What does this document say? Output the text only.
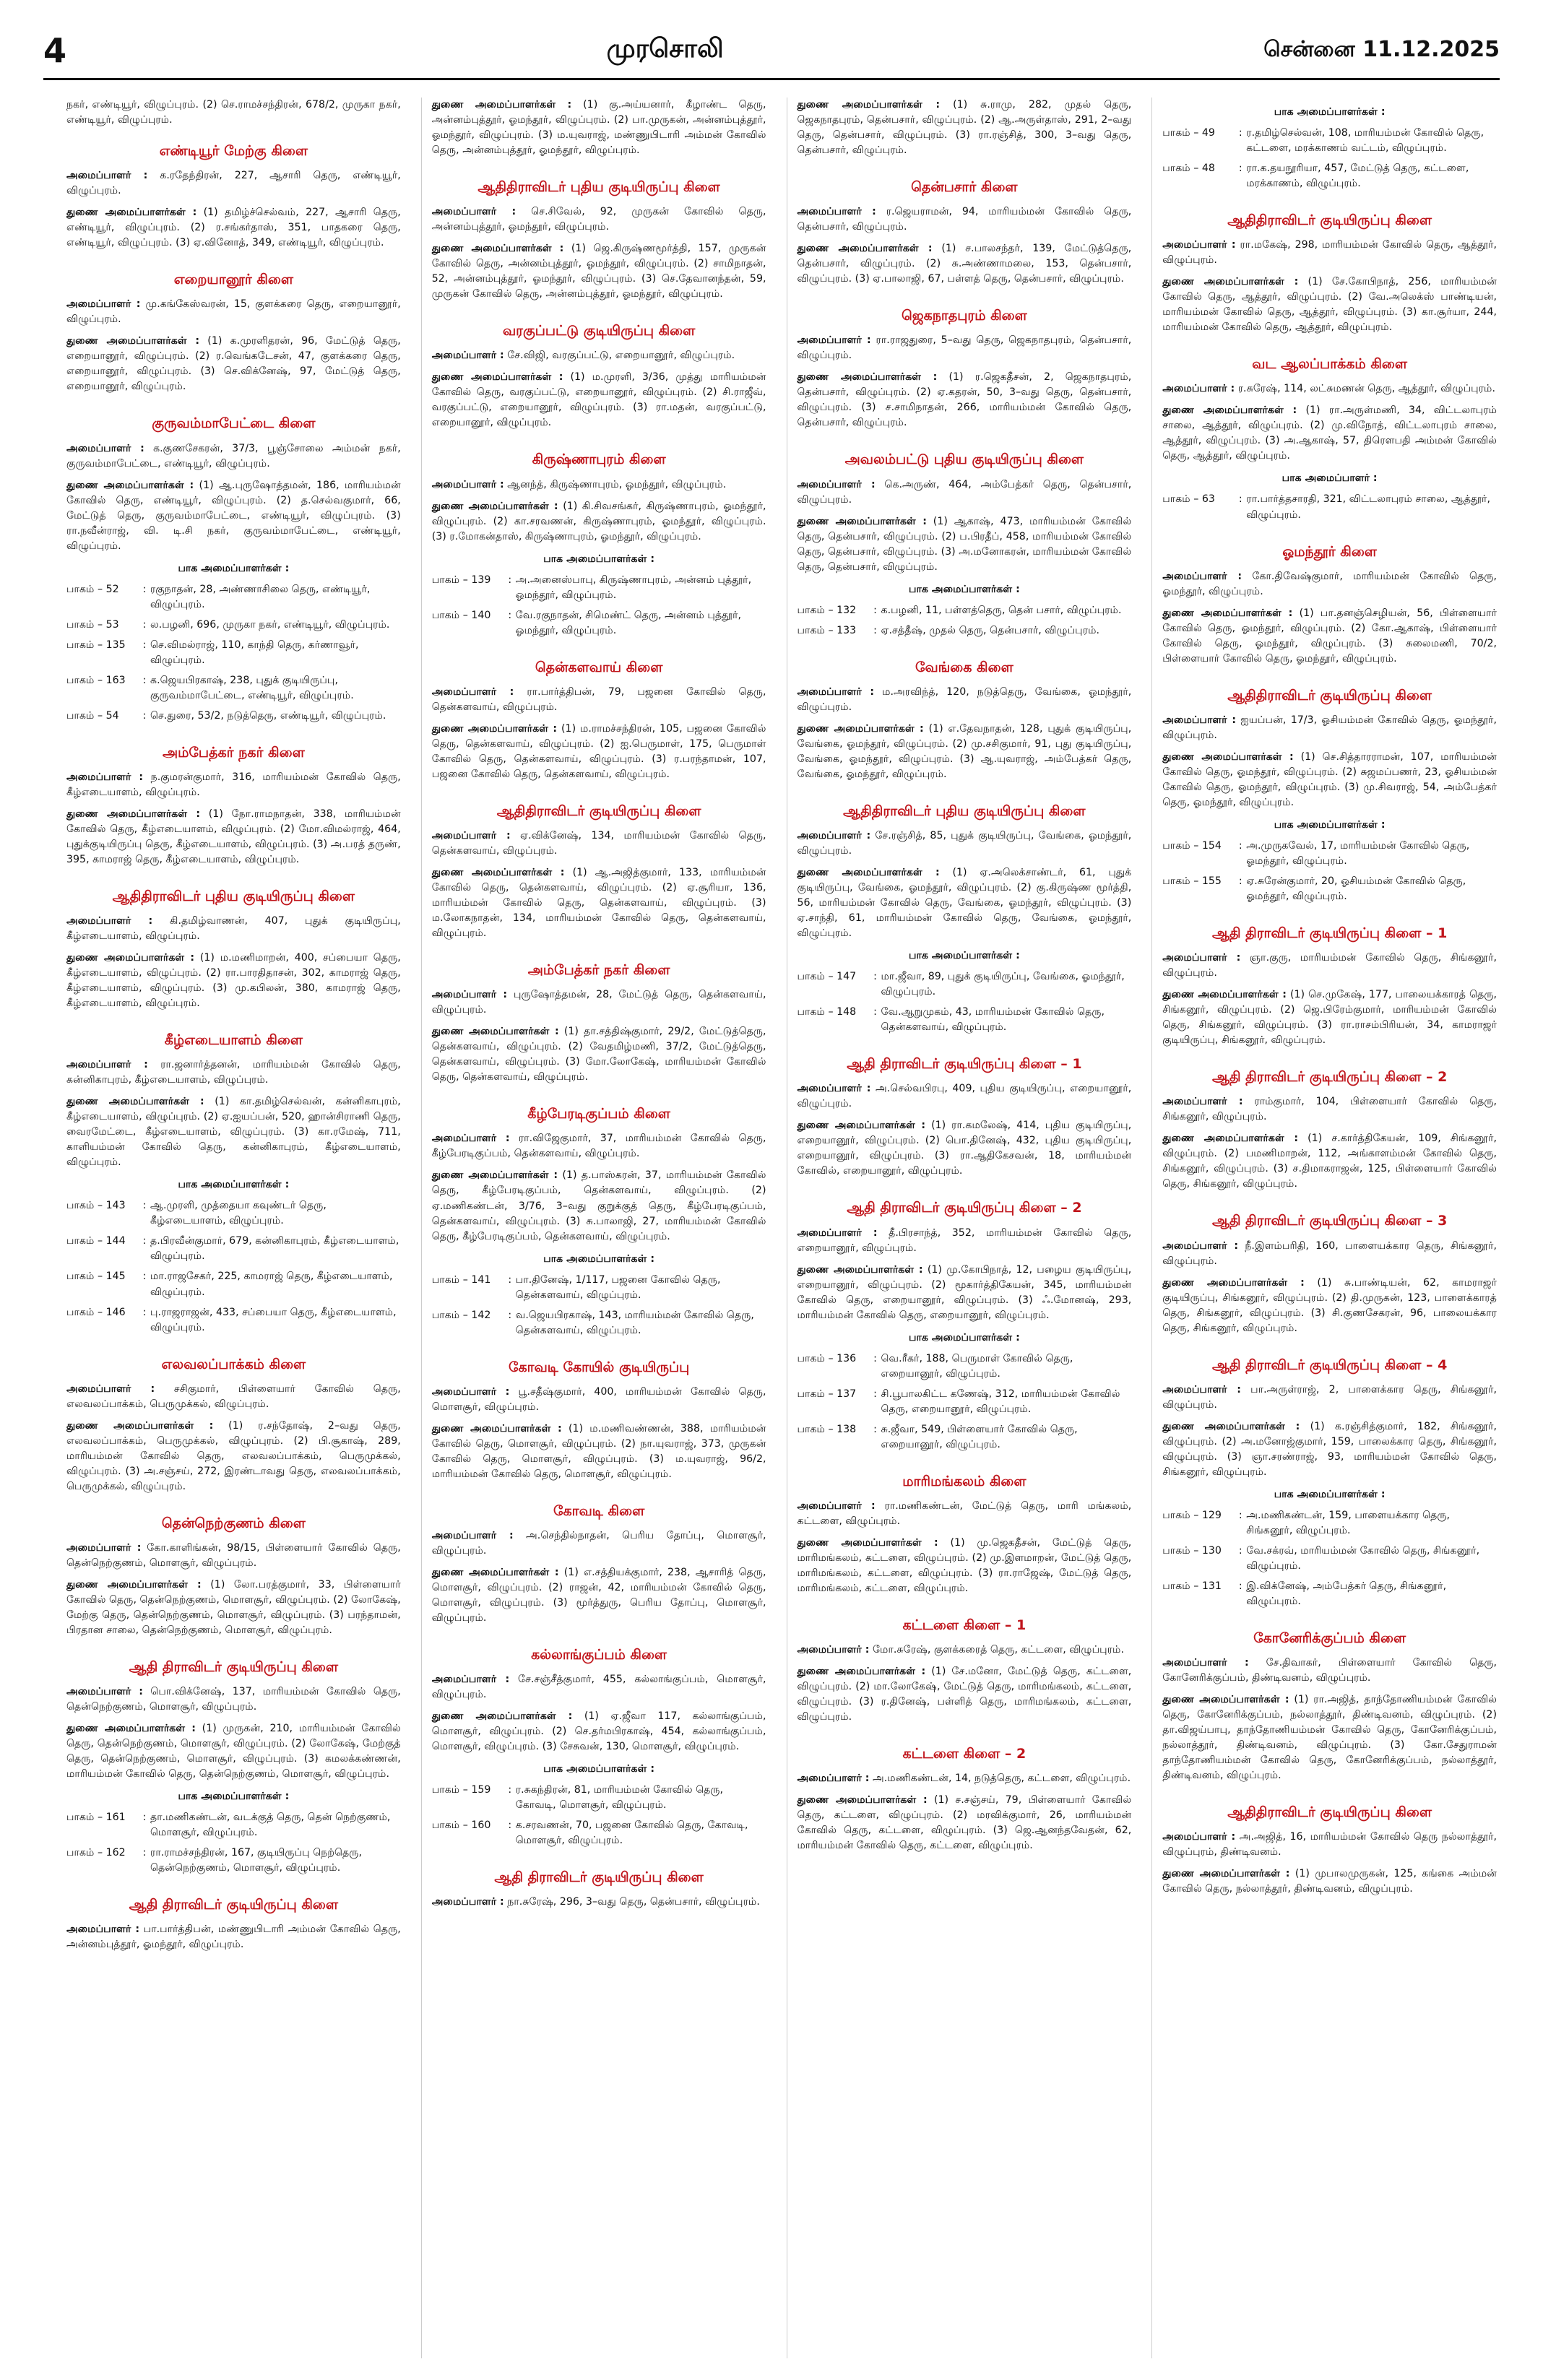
4	முரசொலி	சென்னை 11.12.2025

நகர், எண்டியூர், விழுப்புரம். (2) செ.ராமச்சந்திரன், 678/2, முருகா நகர், எண்டியூர், விழுப்புரம்.

எண்டியூர் மேற்கு கிளை

அமைப்பாளர் : க.ரதேந்திரன், 227, ஆசாரி தெரு, எண்டியூர், விழுப்புரம்.

துணை அமைப்பாளர்கள் : (1) தமிழ்ச்செல்வம், 227, ஆசாரி தெரு, எண்டியூர், விழுப்புரம். (2) ர.சங்கர்தாஸ், 351, பாதகரை தெரு, எண்டியூர், விழுப்புரம். (3) ஏ.வினோத், 349, எண்டியூர், விழுப்புரம்.

எறையானூர் கிளை

அமைப்பாளர் : மு.கங்கேஸ்வரன், 15, குளக்கரை தெரு, எறையானூர், விழுப்புரம்.

துணை அமைப்பாளர்கள் : (1) க.முரளிதரன், 96, மேட்டுத் தெரு, எறையானூர், விழுப்புரம். (2) ர.வெங்கடேசன், 47, குளக்கரை தெரு, எறையானூர், விழுப்புரம். (3) செ.விக்னேஷ், 97, மேட்டுத் தெரு, எறையானூர், விழுப்புரம்.

குருவம்மாபேட்டை கிளை

அமைப்பாளர் : க.குணசேகரன், 37/3, பூஞ்சோலை அம்மன் நகர், குருவம்மாபேட்டை, எண்டியூர், விழுப்புரம்.

துணை அமைப்பாளர்கள் : (1) ஆ.புருஷோத்தமன், 186, மாரியம்மன் கோவில் தெரு, எண்டியூர், விழுப்புரம். (2) த.செல்வகுமார், 66, மேட்டுத் தெரு, குருவம்மாபேட்டை, எண்டியூர், விழுப்புரம். (3) ரா.நவீன்ராஜ், வி. டி.சி நகர், குருவம்மாபேட்டை, எண்டியூர், விழுப்புரம்.

பாக அமைப்பாளர்கள் :
பாகம் – 52	: ரகுநாதன், 28, அண்ணாசிலை தெரு, எண்டியூர், விழுப்புரம்.
பாகம் – 53	: ல.பழனி, 696, முருகா நகர், எண்டியூர், விழுப்புரம்.
பாகம் – 135	: செ.விமல்ராஜ், 110, காந்தி தெரு, கர்ணாவூர், விழுப்புரம்.
பாகம் – 163	: க.ஜெயபிரகாஷ், 238, புதுக் குடியிருப்பு, குருவம்மாபேட்டை, எண்டியூர், விழுப்புரம்.
பாகம் – 54	: செ.துரை, 53/2, நடுத்தெரு, எண்டியூர், விழுப்புரம்.
அம்பேத்கர் நகர் கிளை

அமைப்பாளர் : ந.குமரன்குமார், 316, மாரியம்மன் கோவில் தெரு, கீழ்எடையாளம், விழுப்புரம்.

துணை அமைப்பாளர்கள் : (1) நோ.ராமநாதன், 338, மாரியம்மன் கோவில் தெரு, கீழ்எடையாளம், விழுப்புரம். (2) மோ.விமல்ராஜ், 464, புதுக்குடியிருப்பு தெரு, கீழ்எடையாளம், விழுப்புரம். (3) அ.பரத் தருண், 395, காமராஜ் தெரு, கீழ்எடையாளம், விழுப்புரம்.

ஆதிதிராவிடர் புதிய குடியிருப்பு கிளை

அமைப்பாளர் : கி.தமிழ்வாணன், 407, புதுக் குடியிருப்பு, கீழ்எடையாளம், விழுப்புரம்.

துணை அமைப்பாளர்கள் : (1) ம.மணிமாறன், 400, சப்பையா தெரு, கீழ்எடையாளம், விழுப்புரம். (2) ரா.பாரதிதாசன், 302, காமராஜ் தெரு, கீழ்எடையாளம், விழுப்புரம். (3) மு.கபிலன், 380, காமராஜ் தெரு, கீழ்எடையாளம், விழுப்புரம்.

கீழ்எடையாளம் கிளை

அமைப்பாளர் : ரா.ஜனார்த்தனன், மாரியம்மன் கோவில் தெரு, கன்னிகாபுரம், கீழ்எடையாளம், விழுப்புரம்.

துணை அமைப்பாளர்கள் : (1) கா.தமிழ்செல்வன், கன்னிகாபுரம், கீழ்எடையாளம், விழுப்புரம். (2) ஏ.ஐயப்பன், 520, ஹான்சிராணி தெரு, வைரமேட்டை, கீழ்எடையாளம், விழுப்புரம். (3) கா.ரமேஷ், 711, காளியம்மன் கோவில் தெரு, கன்னிகாபுரம், கீழ்எடையாளம், விழுப்புரம்.

பாக அமைப்பாளர்கள் :
பாகம் – 143	: ஆ.முரளி, முத்தையா கவுண்டர் தெரு, கீழ்எடையாளம், விழுப்புரம்.
பாகம் – 144	: த.பிரவீன்குமார், 679, கன்னிகாபுரம், கீழ்எடையாளம், விழுப்புரம்.
பாகம் – 145	: மா.ராஜசேகர், 225, காமராஜ் தெரு, கீழ்எடையாளம், விழுப்புரம்.
பாகம் – 146	: பு.ராஜராஜன், 433, சப்பையா தெரு, கீழ்எடையாளம், விழுப்புரம்.
எலவலப்பாக்கம் கிளை

அமைப்பாளர் : சசிகுமார், பிள்ளையார் கோவில் தெரு, எலவலப்பாக்கம், பெருமுக்கல், விழுப்புரம்.

துணை அமைப்பாளர்கள் : (1) ர.சந்தோஷ், 2–வது தெரு, எலவலப்பாக்கம், பெருமுக்கல், விழுப்புரம். (2) பி.சூகாஷ், 289, மாரியம்மன் கோவில் தெரு, எலவலப்பாக்கம், பெருமுக்கல், விழுப்புரம். (3) அ.சஞ்சய், 272, இரண்டாவது தெரு, எலவலப்பாக்கம், பெருமுக்கல், விழுப்புரம்.

தென்நெற்குணம் கிளை

அமைப்பாளர் : கோ.காளிங்கன், 98/15, பிள்ளையார் கோவில் தெரு, தென்நெற்குணம், மொளசூர், விழுப்புரம்.

துணை அமைப்பாளர்கள் : (1) லோ.பரத்குமார், 33, பிள்ளையார் கோவில் தெரு, தென்நெற்குணம், மொளசூர், விழுப்புரம். (2) லோகேஷ், மேற்கு தெரு, தென்நெற்குணம், மொளசூர், விழுப்புரம். (3) பரந்தாமன், பிரதான சாலை, தென்நெற்குணம், மொளசூர், விழுப்புரம்.

ஆதி திராவிடர் குடியிருப்பு கிளை

அமைப்பாளர் : பொ.விக்னேஷ், 137, மாரியம்மன் கோவில் தெரு, தென்நெற்குணம், மொளசூர், விழுப்புரம்.

துணை அமைப்பாளர்கள் : (1) முருகன், 210, மாரியம்மன் கோவில் தெரு, தென்நெற்குணம், மொளசூர், விழுப்புரம். (2) லோகேஷ், மேற்குத் தெரு, தென்நெற்குணம், மொளசூர், விழுப்புரம். (3) கமலக்கண்ணன், மாரியம்மன் கோவில் தெரு, தென்நெற்குணம், மொளசூர், விழுப்புரம்.

பாக அமைப்பாளர்கள் :
பாகம் – 161	: தா.மணிகண்டன், வடக்குத் தெரு, தென் நெற்குணம், மொளசூர், விழுப்புரம்.
பாகம் – 162	: ரா.ராமச்சந்திரன், 167, குடியிருப்பு நெற்தெரு, தென்நெற்குணம், மொளசூர், விழுப்புரம்.
ஆதி திராவிடர் குடியிருப்பு கிளை

அமைப்பாளர் : பா.பார்த்திபன், மண்ணுபிடாரி அம்மன் கோவில் தெரு, அன்னம்புத்தூர், ஓமந்தூர், விழுப்புரம்.

துணை அமைப்பாளர்கள் : (1) கு.அய்யனார், கீழாண்ட தெரு, அன்னம்புத்தூர், ஓமந்தூர், விழுப்புரம். (2) பா.முருகன், அன்னம்புத்தூர், ஓமந்தூர், விழுப்புரம். (3) ம.யுவராஜ், மண்ணுபிடாரி அம்மன் கோவில் தெரு, அன்னம்புத்தூர், ஓமந்தூர், விழுப்புரம்.

ஆதிதிராவிடர் புதிய குடியிருப்பு கிளை

அமைப்பாளர் : செ.சிவேல், 92, முருகன் கோவில் தெரு, அன்னம்புத்தூர், ஓமந்தூர், விழுப்புரம்.

துணை அமைப்பாளர்கள் : (1) ஜெ.கிருஷ்ணமூர்த்தி, 157, முருகன் கோவில் தெரு, அன்னம்புத்தூர், ஓமந்தூர், விழுப்புரம். (2) சாமிநாதன், 52, அன்னம்புத்தூர், ஓமந்தூர், விழுப்புரம். (3) செ.தேவானந்தன், 59, முருகன் கோவில் தெரு, அன்னம்புத்தூர், ஓமந்தூர், விழுப்புரம்.

வரகுப்பட்டு குடியிருப்பு கிளை

அமைப்பாளர் : சே.விஜி, வரகுப்பட்டு, எறையானூர், விழுப்புரம்.

துணை அமைப்பாளர்கள் : (1) ம.முரளி, 3/36, முத்து மாரியம்மன் கோவில் தெரு, வரகுப்பட்டு, எறையானூர், விழுப்புரம். (2) சி.ராஜீவ், வரகுப்பட்டு, எறையானூர், விழுப்புரம். (3) ரா.மதன், வரகுப்பட்டு, எறையானூர், விழுப்புரம்.

கிருஷ்ணாபுரம் கிளை

அமைப்பாளர் : ஆனந்த், கிருஷ்ணாபுரம், ஓமந்தூர், விழுப்புரம்.

துணை அமைப்பாளர்கள் : (1) கி.சிவசங்கர், கிருஷ்ணாபுரம், ஓமந்தூர், விழுப்புரம். (2) கா.சரவணன், கிருஷ்ணாபுரம், ஓமந்தூர், விழுப்புரம். (3) ர.மோகன்தாஸ், கிருஷ்ணாபுரம், ஓமந்தூர், விழுப்புரம்.

பாக அமைப்பாளர்கள் :
பாகம் – 139	: அ.அனைஸ்பாபு, கிருஷ்ணாபுரம், அன்னம் புத்தூர், ஓமந்தூர், விழுப்புரம்.
பாகம் – 140	: வே.ரகுநாதன், சிமெண்ட் தெரு, அன்னம் புத்தூர், ஓமந்தூர், விழுப்புரம்.
தென்களவாய் கிளை

அமைப்பாளர் : ரா.பார்த்திபன், 79, பஜனை கோவில் தெரு, தென்களவாய், விழுப்புரம்.

துணை அமைப்பாளர்கள் : (1) ம.ராமச்சந்திரன், 105, பஜனை கோவில் தெரு, தென்களவாய், விழுப்புரம். (2) ஐ.பெருமாள், 175, பெருமாள் கோவில் தெரு, தென்களவாய், விழுப்புரம். (3) ர.பரந்தாமன், 107, பஜனை கோவில் தெரு, தென்களவாய், விழுப்புரம்.

ஆதிதிராவிடர் குடியிருப்பு கிளை

அமைப்பாளர் : ஏ.விக்னேஷ், 134, மாரியம்மன் கோவில் தெரு, தென்களவாய், விழுப்புரம்.

துணை அமைப்பாளர்கள் : (1) ஆ.அஜித்குமார், 133, மாரியம்மன் கோவில் தெரு, தென்களவாய், விழுப்புரம். (2) ஏ.சூரியா, 136, மாரியம்மன் கோவில் தெரு, தென்களவாய், விழுப்புரம். (3) ம.லோகநாதன், 134, மாரியம்மன் கோவில் தெரு, தென்களவாய், விழுப்புரம்.

அம்பேத்கர் நகர் கிளை

அமைப்பாளர் : புருஷோத்தமன், 28, மேட்டுத் தெரு, தென்களவாய், விழுப்புரம்.

துணை அமைப்பாளர்கள் : (1) தா.சத்திஷ்குமார், 29/2, மேட்டுத்தெரு, தென்களவாய், விழுப்புரம். (2) வேதமிழ்மணி, 37/2, மேட்டுத்தெரு, தென்களவாய், விழுப்புரம். (3) மோ.லோகேஷ், மாரியம்மன் கோவில் தெரு, தென்களவாய், விழுப்புரம்.

கீழ்பேரடிகுப்பம் கிளை

அமைப்பாளர் : ரா.விஜேகுமார், 37, மாரியம்மன் கோவில் தெரு, கீழ்பேரடிகுப்பம், தென்களவாய், விழுப்புரம்.

துணை அமைப்பாளர்கள் : (1) த.பாஸ்கரன், 37, மாரியம்மன் கோவில் தெரு, கீழ்பேரடிகுப்பம், தென்களவாய், விழுப்புரம். (2) ஏ.மணிகண்டன், 3/76, 3–வது குறுக்குத் தெரு, கீழ்பேரடிகுப்பம், தென்களவாய், விழுப்புரம். (3) சு.பாலாஜி, 27, மாரியம்மன் கோவில் தெரு, கீழ்பேரடிகுப்பம், தென்களவாய், விழுப்புரம்.

பாக அமைப்பாளர்கள் :
பாகம் – 141	: பா.தினேஷ், 1/117, பஜனை கோவில் தெரு, தென்களவாய், விழுப்புரம்.
பாகம் – 142	: வ.ஜெயபிரகாஷ், 143, மாரியம்மன் கோவில் தெரு, தென்களவாய், விழுப்புரம்.
கோவடி கோயில் குடியிருப்பு

அமைப்பாளர் : பூ.சதீஷ்குமார், 400, மாரியம்மன் கோவில் தெரு, மொளசூர், விழுப்புரம்.

துணை அமைப்பாளர்கள் : (1) ம.மணிவண்ணன், 388, மாரியம்மன் கோவில் தெரு, மொளசூர், விழுப்புரம். (2) நா.யுவராஜ், 373, முருகன் கோவில் தெரு, மொளசூர், விழுப்புரம். (3) ம.யுவராஜ், 96/2, மாரியம்மன் கோவில் தெரு, மொளசூர், விழுப்புரம்.

கோவடி கிளை

அமைப்பாளர் : அ.செந்தில்நாதன், பெரிய தோப்பு, மொளசூர், விழுப்புரம்.

துணை அமைப்பாளர்கள் : (1) எ.சத்தியக்குமார், 238, ஆசாரித் தெரு, மொளசூர், விழுப்புரம். (2) ராஜன், 42, மாரியம்மன் கோவில் தெரு, மொளசூர், விழுப்புரம். (3) மூர்த்துரு, பெரிய தோப்பு, மொளசூர், விழுப்புரம்.

கல்லாங்குப்பம் கிளை

அமைப்பாளர் : சே.சஞ்சீத்குமார், 455, கல்லாங்குப்பம், மொளசூர், விழுப்புரம்.

துணை அமைப்பாளர்கள் : (1) ஏ.ஜீவா 117, கல்லாங்குப்பம், மொளசூர், விழுப்புரம். (2) செ.தர்மபிரகாஷ், 454, கல்லாங்குப்பம், மொளசூர், விழுப்புரம். (3) சேசுவன், 130, மொளசூர், விழுப்புரம்.

பாக அமைப்பாளர்கள் :
பாகம் – 159	: ர.சுகந்திரன், 81, மாரியம்மன் கோவில் தெரு, கோவடி, மொளசூர், விழுப்புரம்.
பாகம் – 160	: க.சரவணன், 70, பஜனை கோவில் தெரு, கோவடி, மொளசூர், விழுப்புரம்.
ஆதி திராவிடர் குடியிருப்பு கிளை

அமைப்பாளர் : நா.சுரேஷ், 296, 3–வது தெரு, தென்பசார், விழுப்புரம்.

துணை அமைப்பாளர்கள் : (1) சு.ராமு, 282, முதல் தெரு, ஜெகநாதபுரம், தென்பசார், விழுப்புரம். (2) ஆ.அருள்தாஸ், 291, 2–வது தெரு, தென்பசார், விழுப்புரம். (3) ரா.ரஞ்சித், 300, 3–வது தெரு, தென்பசார், விழுப்புரம்.

தென்பசார் கிளை

அமைப்பாளர் : ர.ஜெயராமன், 94, மாரியம்மன் கோவில் தெரு, தென்பசார், விழுப்புரம்.

துணை அமைப்பாளர்கள் : (1) ச.பாலசந்தர், 139, மேட்டுத்தெரு, தென்பசார், விழுப்புரம். (2) சு.அண்ணாமலை, 153, தென்பசார், விழுப்புரம். (3) ஏ.பாலாஜி, 67, பள்ளத் தெரு, தென்பசார், விழுப்புரம்.

ஜெகநாதபுரம் கிளை

அமைப்பாளர் : ரா.ராஜதுரை, 5–வது தெரு, ஜெகநாதபுரம், தென்பசார், விழுப்புரம்.

துணை அமைப்பாளர்கள் : (1) ர.ஜெகதீசன், 2, ஜெகநாதபுரம், தென்பசார், விழுப்புரம். (2) ஏ.கதரன், 50, 3–வது தெரு, தென்பசார், விழுப்புரம். (3) ச.சாமிநாதன், 266, மாரியம்மன் கோவில் தெரு, தென்பசார், விழுப்புரம்.

அவலம்பட்டு புதிய குடியிருப்பு கிளை

அமைப்பாளர் : கெ.அருண், 464, அம்பேத்கர் தெரு, தென்பசார், விழுப்புரம்.

துணை அமைப்பாளர்கள் : (1) ஆகாஷ், 473, மாரியம்மன் கோவில் தெரு, தென்பசார், விழுப்புரம். (2) ப.பிரதீப், 458, மாரியம்மன் கோவில் தெரு, தென்பசார், விழுப்புரம். (3) அ.மனோகரன், மாரியம்மன் கோவில் தெரு, தென்பசார், விழுப்புரம்.

பாக அமைப்பாளர்கள் :
பாகம் – 132	: க.பழனி, 11, பள்ளத்தெரு, தென் பசார், விழுப்புரம்.
பாகம் – 133	: ஏ.சத்தீஷ், முதல் தெரு, தென்பசார், விழுப்புரம்.
வேங்கை கிளை

அமைப்பாளர் : ம.அரவிந்த், 120, நடுத்தெரு, வேங்கை, ஓமந்தூர், விழுப்புரம்.

துணை அமைப்பாளர்கள் : (1) எ.தேவநாதன், 128, புதுக் குடியிருப்பு, வேங்கை, ஓமந்தூர், விழுப்புரம். (2) மு.சசிகுமார், 91, புது குடியிருப்பு, வேங்கை, ஓமந்தூர், விழுப்புரம். (3) ஆ.யுவராஜ், அம்பேத்கர் தெரு, வேங்கை, ஓமந்தூர், விழுப்புரம்.

ஆதிதிராவிடர் புதிய குடியிருப்பு கிளை

அமைப்பாளர் : சே.ரஞ்சித், 85, புதுக் குடியிருப்பு, வேங்கை, ஓமந்தூர், விழுப்புரம்.

துணை அமைப்பாளர்கள் : (1) ஏ.அலெக்சாண்டர், 61, புதுக் குடியிருப்பு, வேங்கை, ஓமந்தூர், விழுப்புரம். (2) கு.கிருஷ்ண மூர்த்தி, 56, மாரியம்மன் கோவில் தெரு, வேங்கை, ஓமந்தூர், விழுப்புரம். (3) ஏ.சாந்தி, 61, மாரியம்மன் கோவில் தெரு, வேங்கை, ஓமந்தூர், விழுப்புரம்.

பாக அமைப்பாளர்கள் :
பாகம் – 147	: மா.ஜீவா, 89, புதுக் குடியிருப்பு, வேங்கை, ஓமந்தூர், விழுப்புரம்.
பாகம் – 148	: வே.ஆறுமுகம், 43, மாரியம்மன் கோவில் தெரு, தென்களவாய், விழுப்புரம்.
ஆதி திராவிடர் குடியிருப்பு கிளை – 1

அமைப்பாளர் : அ.செல்வபிரபு, 409, புதிய குடியிருப்பு, எறையானூர், விழுப்புரம்.

துணை அமைப்பாளர்கள் : (1) ரா.கமலேஷ், 414, புதிய குடியிருப்பு, எறையானூர், விழுப்புரம். (2) பொ.தினேஷ், 432, புதிய குடியிருப்பு, எறையானூர், விழுப்புரம். (3) ரா.ஆதிகேசவன், 18, மாரியம்மன் கோவில், எறையானூர், விழுப்புரம்.

ஆதி திராவிடர் குடியிருப்பு கிளை – 2

அமைப்பாளர் : தீ.பிரசாந்த், 352, மாரியம்மன் கோவில் தெரு, எறையானூர், விழுப்புரம்.

துணை அமைப்பாளர்கள் : (1) மு.கோபிநாத், 12, பழைய குடியிருப்பு, எறையானூர், விழுப்புரம். (2) மூகார்த்திகேயன், 345, மாரியம்மன் கோவில் தெரு, எறையானூர், விழுப்புரம். (3) ஃ.மோனஷ், 293, மாரியம்மன் கோவில் தெரு, எறையானூர், விழுப்புரம்.

பாக அமைப்பாளர்கள் :
பாகம் – 136	: வெ.ரீகர், 188, பெருமாள் கோவில் தெரு, எறையானூர், விழுப்புரம்.
பாகம் – 137	: சி.பூபாலகிட்ட கணேஷ், 312, மாரியம்மன் கோவில் தெரு, எறையானூர், விழுப்புரம்.
பாகம் – 138	: சு.ஜீவா, 549, பிள்ளையார் கோவில் தெரு, எறையானூர், விழுப்புரம்.
மாரிமங்கலம் கிளை

அமைப்பாளர் : ரா.மணிகண்டன், மேட்டுத் தெரு, மாரி மங்கலம், கட்டளை, விழுப்புரம்.

துணை அமைப்பாளர்கள் : (1) மு.ஜெகதீசன், மேட்டுத் தெரு, மாரிமங்கலம், கட்டளை, விழுப்புரம். (2) மு.இளமாறன், மேட்டுத் தெரு, மாரிமங்கலம், கட்டளை, விழுப்புரம். (3) ரா.ராஜேஷ், மேட்டுத் தெரு, மாரிமங்கலம், கட்டளை, விழுப்புரம்.

கட்டளை கிளை – 1

அமைப்பாளர் : மோ.சுரேஷ், குளக்கரைத் தெரு, கட்டளை, விழுப்புரம்.

துணை அமைப்பாளர்கள் : (1) சே.மனோ, மேட்டுத் தெரு, கட்டளை, விழுப்புரம். (2) மா.லோகேஷ், மேட்டுத் தெரு, மாரிமங்கலம், கட்டளை, விழுப்புரம். (3) ர.தினேஷ், பள்ளித் தெரு, மாரிமங்கலம், கட்டளை, விழுப்புரம்.

கட்டளை கிளை – 2

அமைப்பாளர் : அ.மணிகண்டன், 14, நடுத்தெரு, கட்டளை, விழுப்புரம்.

துணை அமைப்பாளர்கள் : (1) ச.சஞ்சய், 79, பிள்ளையார் கோவில் தெரு, கட்டளை, விழுப்புரம். (2) மரவிக்குமார், 26, மாரியம்மன் கோவில் தெரு, கட்டளை, விழுப்புரம். (3) ஜெ.ஆனந்தவேதன், 62, மாரியம்மன் கோவில் தெரு, கட்டளை, விழுப்புரம்.

பாக அமைப்பாளர்கள் :
பாகம் – 49	: ர.தமிழ்செல்வன், 108, மாரியம்மன் கோவில் தெரு, கட்டளை, மரக்காணம் வட்டம், விழுப்புரம்.
பாகம் – 48	: ரா.க.தயநூரியா, 457, மேட்டுத் தெரு, கட்டளை, மரக்காணம், விழுப்புரம்.
ஆதிதிராவிடர் குடியிருப்பு கிளை

அமைப்பாளர் : ரா.மகேஷ், 298, மாரியம்மன் கோவில் தெரு, ஆத்தூர், விழுப்புரம்.

துணை அமைப்பாளர்கள் : (1) சே.கோபிநாத், 256, மாரியம்மன் கோவில் தெரு, ஆத்தூர், விழுப்புரம். (2) வே.அலெக்ஸ் பாண்டியன், மாரியம்மன் கோவில் தெரு, ஆத்தூர், விழுப்புரம். (3) கா.சூர்யா, 244, மாரியம்மன் கோவில் தெரு, ஆத்தூர், விழுப்புரம்.

வட ஆலப்பாக்கம் கிளை

அமைப்பாளர் : ர.சுரேஷ், 114, லட்சுமணன் தெரு, ஆத்தூர், விழுப்புரம்.

துணை அமைப்பாளர்கள் : (1) ரா.அருள்மணி, 34, விட்டலாபுரம் சாலை, ஆத்தூர், விழுப்புரம். (2) மு.விநோத், விட்டலாபுரம் சாலை, ஆத்தூர், விழுப்புரம். (3) அ.ஆகாஷ், 57, திரௌபதி அம்மன் கோவில் தெரு, ஆத்தூர், விழுப்புரம்.

பாக அமைப்பாளர் :
பாகம் – 63	: ரா.பார்த்தசாரதி, 321, விட்டலாபுரம் சாலை, ஆத்தூர், விழுப்புரம்.
ஓமந்தூர் கிளை

அமைப்பாளர் : கோ.திவேஷ்குமார், மாரியம்மன் கோவில் தெரு, ஓமந்தூர், விழுப்புரம்.

துணை அமைப்பாளர்கள் : (1) பா.தனஞ்செழியன், 56, பிள்ளையார் கோவில் தெரு, ஓமந்தூர், விழுப்புரம். (2) கோ.ஆகாஷ், பிள்ளையார் கோவில் தெரு, ஓமந்தூர், விழுப்புரம். (3) சுலைமணி, 70/2, பிள்ளையார் கோவில் தெரு, ஓமந்தூர், விழுப்புரம்.

ஆதிதிராவிடர் குடியிருப்பு கிளை

அமைப்பாளர் : ஐயப்பன், 17/3, ஓசியம்மன் கோவில் தெரு, ஓமந்தூர், விழுப்புரம்.

துணை அமைப்பாளர்கள் : (1) செ.சித்தாரராமன், 107, மாரியம்மன் கோவில் தெரு, ஓமந்தூர், விழுப்புரம். (2) சுஜமப்பணர், 23, ஓசியம்மன் கோவில் தெரு, ஓமந்தூர், விழுப்புரம். (3) மு.சிவராஜ், 54, அம்பேத்கர் தெரு, ஓமந்தூர், விழுப்புரம்.

பாக அமைப்பாளர்கள் :
பாகம் – 154	: அ.முருகவேல், 17, மாரியம்மன் கோவில் தெரு, ஓமந்தூர், விழுப்புரம்.
பாகம் – 155	: ஏ.சுரேன்குமார், 20, ஓசியம்மன் கோவில் தெரு, ஓமந்தூர், விழுப்புரம்.
ஆதி திராவிடர் குடியிருப்பு கிளை – 1

அமைப்பாளர் : ஞா.குரு, மாரியம்மன் கோவில் தெரு, சிங்கனூர், விழுப்புரம்.

துணை அமைப்பாளர்கள் : (1) செ.முகேஷ், 177, பாலையக்காரத் தெரு, சிங்கனூர், விழுப்புரம். (2) ஜெ.பிரேம்குமார், மாரியம்மன் கோவில் தெரு, சிங்கனூர், விழுப்புரம். (3) ரா.ராசம்பிரியன், 34, காமராஜர் குடியிருப்பு, சிங்கனூர், விழுப்புரம்.

ஆதி திராவிடர் குடியிருப்பு கிளை – 2

அமைப்பாளர் : ராம்குமார், 104, பிள்ளையார் கோவில் தெரு, சிங்கனூர், விழுப்புரம்.

துணை அமைப்பாளர்கள் : (1) ச.கார்த்திகேயன், 109, சிங்கனூர், விழுப்புரம். (2) பமணிமாறன், 112, அங்காளம்மன் கோவில் தெரு, சிங்கனூர், விழுப்புரம். (3) ச.திமாகராஜன், 125, பிள்ளையார் கோவில் தெரு, சிங்கனூர், விழுப்புரம்.

ஆதி திராவிடர் குடியிருப்பு கிளை – 3

அமைப்பாளர் : நீ.இளம்பரிதி, 160, பாளையக்கார தெரு, சிங்கனூர், விழுப்புரம்.

துணை அமைப்பாளர்கள் : (1) சு.பாண்டியன், 62, காமராஜர் குடியிருப்பு, சிங்கனூர், விழுப்புரம். (2) தி.முருகன், 123, பாளைக்காரத் தெரு, சிங்கனூர், விழுப்புரம். (3) சி.குணசேகரன், 96, பாலையக்கார தெரு, சிங்கனூர், விழுப்புரம்.

ஆதி திராவிடர் குடியிருப்பு கிளை – 4

அமைப்பாளர் : பா.அருள்ராஜ், 2, பாளைக்கார தெரு, சிங்கனூர், விழுப்புரம்.

துணை அமைப்பாளர்கள் : (1) க.ரஞ்சித்குமார், 182, சிங்கனூர், விழுப்புரம். (2) அ.மனோஜ்குமார், 159, பாலைக்கார தெரு, சிங்கனூர், விழுப்புரம். (3) ஞா.சரண்ராஜ், 93, மாரியம்மன் கோவில் தெரு, சிங்கனூர், விழுப்புரம்.

பாக அமைப்பாளர்கள் :
பாகம் – 129	: அ.மணிகண்டன், 159, பாளையக்கார தெரு, சிங்கனூர், விழுப்புரம்.
பாகம் – 130	: வே.சக்ரவ், மாரியம்மன் கோவில் தெரு, சிங்கனூர், விழுப்புரம்.
பாகம் – 131	: இ.விக்னேஷ், அம்பேத்கர் தெரு, சிங்கனூர், விழுப்புரம்.
கோனேரிக்குப்பம் கிளை

அமைப்பாளர் : சே.திவாகர், பிள்ளையார் கோவில் தெரு, கோனேரிக்குப்பம், திண்டிவனம், விழுப்புரம்.

துணை அமைப்பாளர்கள் : (1) ரா.அஜித், தாந்தோணியம்மன் கோவில் தெரு, கோனேரிக்குப்பம், நல்லாத்தூர், திண்டிவனம், விழுப்புரம். (2) தா.விஜய்பாபு, தாந்தோணியம்மன் கோவில் தெரு, கோனேரிக்குப்பம், நல்லாத்தூர், திண்டிவனம், விழுப்புரம். (3) கோ.சேதுராமன் தாந்தோணியம்மன் கோவில் தெரு, கோனேரிக்குப்பம், நல்லாத்தூர், திண்டிவனம், விழுப்புரம்.

ஆதிதிராவிடர் குடியிருப்பு கிளை

அமைப்பாளர் : அ.அஜித், 16, மாரியம்மன் கோவில் தெரு நல்லாத்தூர், விழுப்புரம், திண்டிவனம்.

துணை அமைப்பாளர்கள் : (1) முபாலமுருகன், 125, கங்கை அம்மன் கோவில் தெரு, நல்லாத்தூர், திண்டிவனம், விழுப்புரம்.
